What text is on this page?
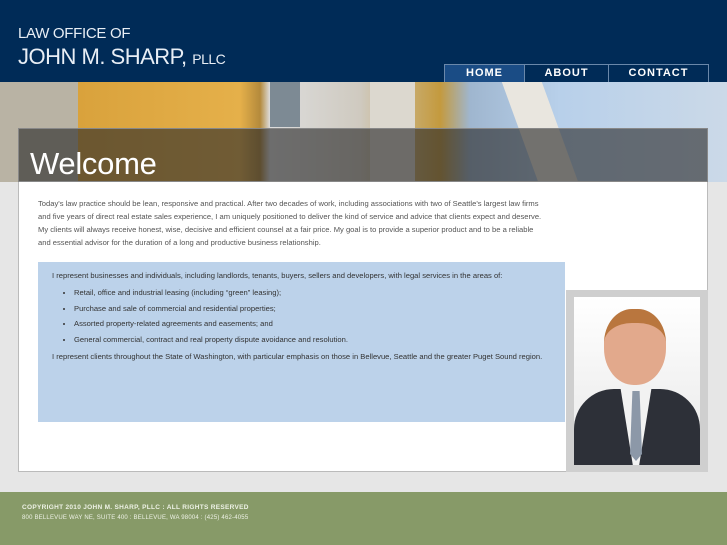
LAW OFFICE OF
JOHN M. SHARP, PLLC
HOME	ABOUT	CONTACT
Welcome

Today's law practice should be lean, responsive and practical. After two decades of work, including associations with two of Seattle's largest law firms and five years of direct real estate sales experience, I am uniquely positioned to deliver the kind of service and advice that clients expect and deserve. My clients will always receive honest, wise, decisive and efficient counsel at a fair price. My goal is to provide a superior product and to be a reliable and essential advisor for the duration of a long and productive business relationship.

I represent businesses and individuals, including landlords, tenants, buyers, sellers and developers, with legal services in the areas of:

• Retail, office and industrial leasing (including “green” leasing);
• Purchase and sale of commercial and residential properties;
• Assorted property-related agreements and easements; and
• General commercial, contract and real property dispute avoidance and resolution.

I represent clients throughout the State of Washington, with particular emphasis on those in Bellevue, Seattle and the greater Puget Sound region.

COPYRIGHT 2010 JOHN M. SHARP, PLLC : ALL RIGHTS RESERVED
800 BELLEVUE WAY NE, SUITE 400 : BELLEVUE, WA 98004 : (425) 462-4055
